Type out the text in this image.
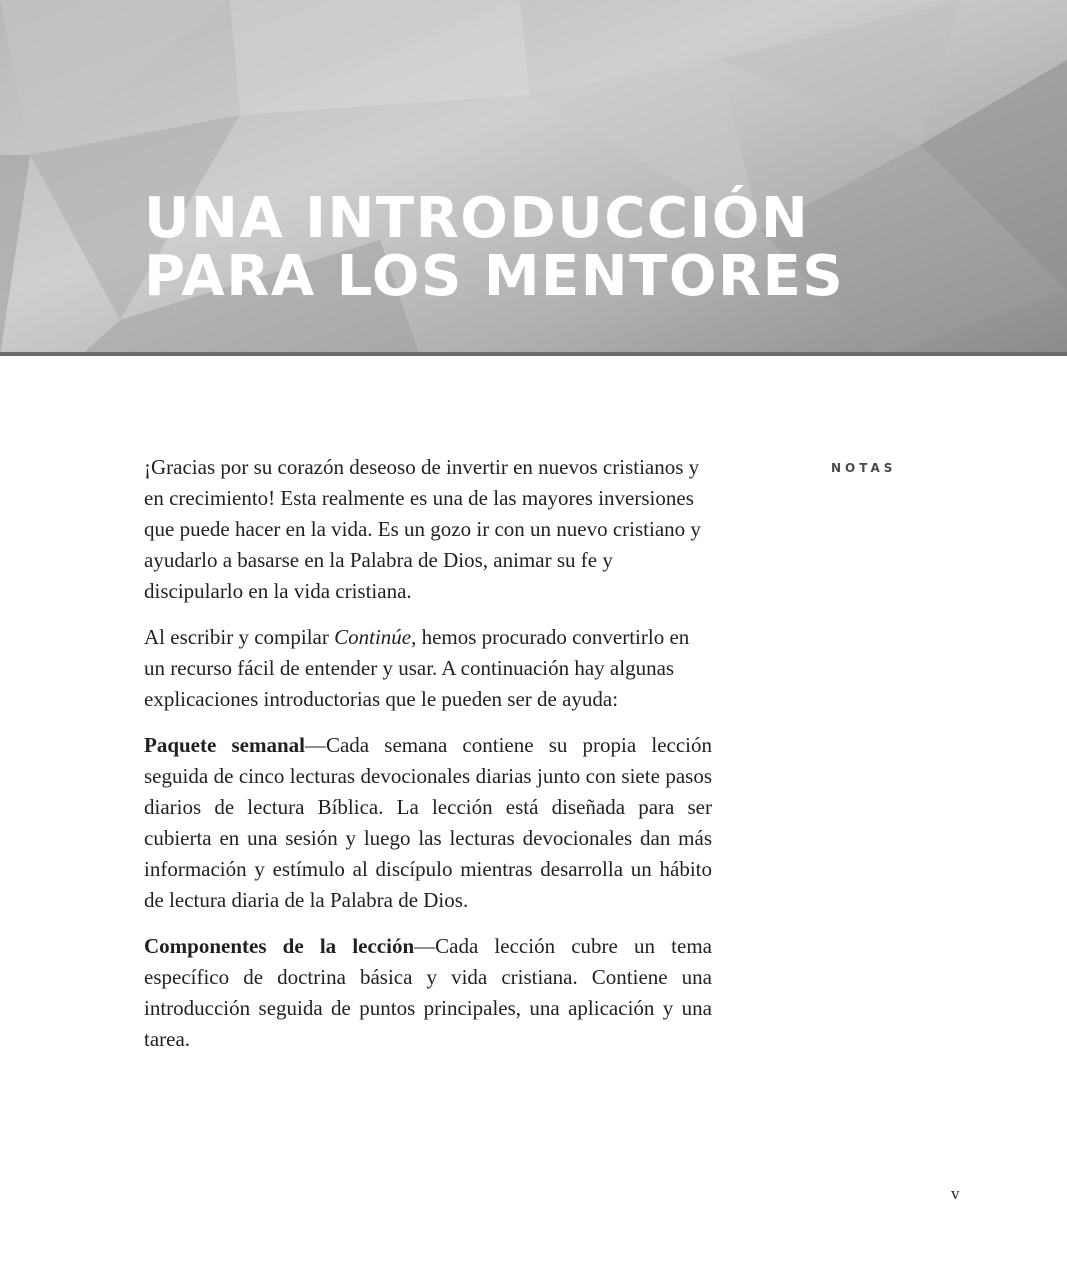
UNA INTRODUCCIÓN
PARA LOS MENTORES

¡Gracias por su corazón deseoso de invertir en nuevos cristianos y en crecimiento! Esta realmente es una de las mayores inversiones que puede hacer en la vida. Es un gozo ir con un nuevo cristiano y ayudarlo a basarse en la Palabra de Dios, animar su fe y discipularlo en la vida cristiana.

Al escribir y compilar Continúe, hemos procurado convertirlo en un recurso fácil de entender y usar. A continuación hay algunas explicaciones introductorias que le pueden ser de ayuda:

Paquete semanal—Cada semana contiene su propia lección seguida de cinco lecturas devocionales diarias junto con siete pasos diarios de lectura Bíblica. La lección está diseñada para ser cubierta en una sesión y luego las lecturas devocionales dan más información y estímulo al discípulo mientras desarrolla un hábito de lectura diaria de la Palabra de Dios.

Componentes de la lección—Cada lección cubre un tema específico de doctrina básica y vida cristiana. Contiene una introducción seguida de puntos principales, una aplicación y una tarea.

NOTAS
v
